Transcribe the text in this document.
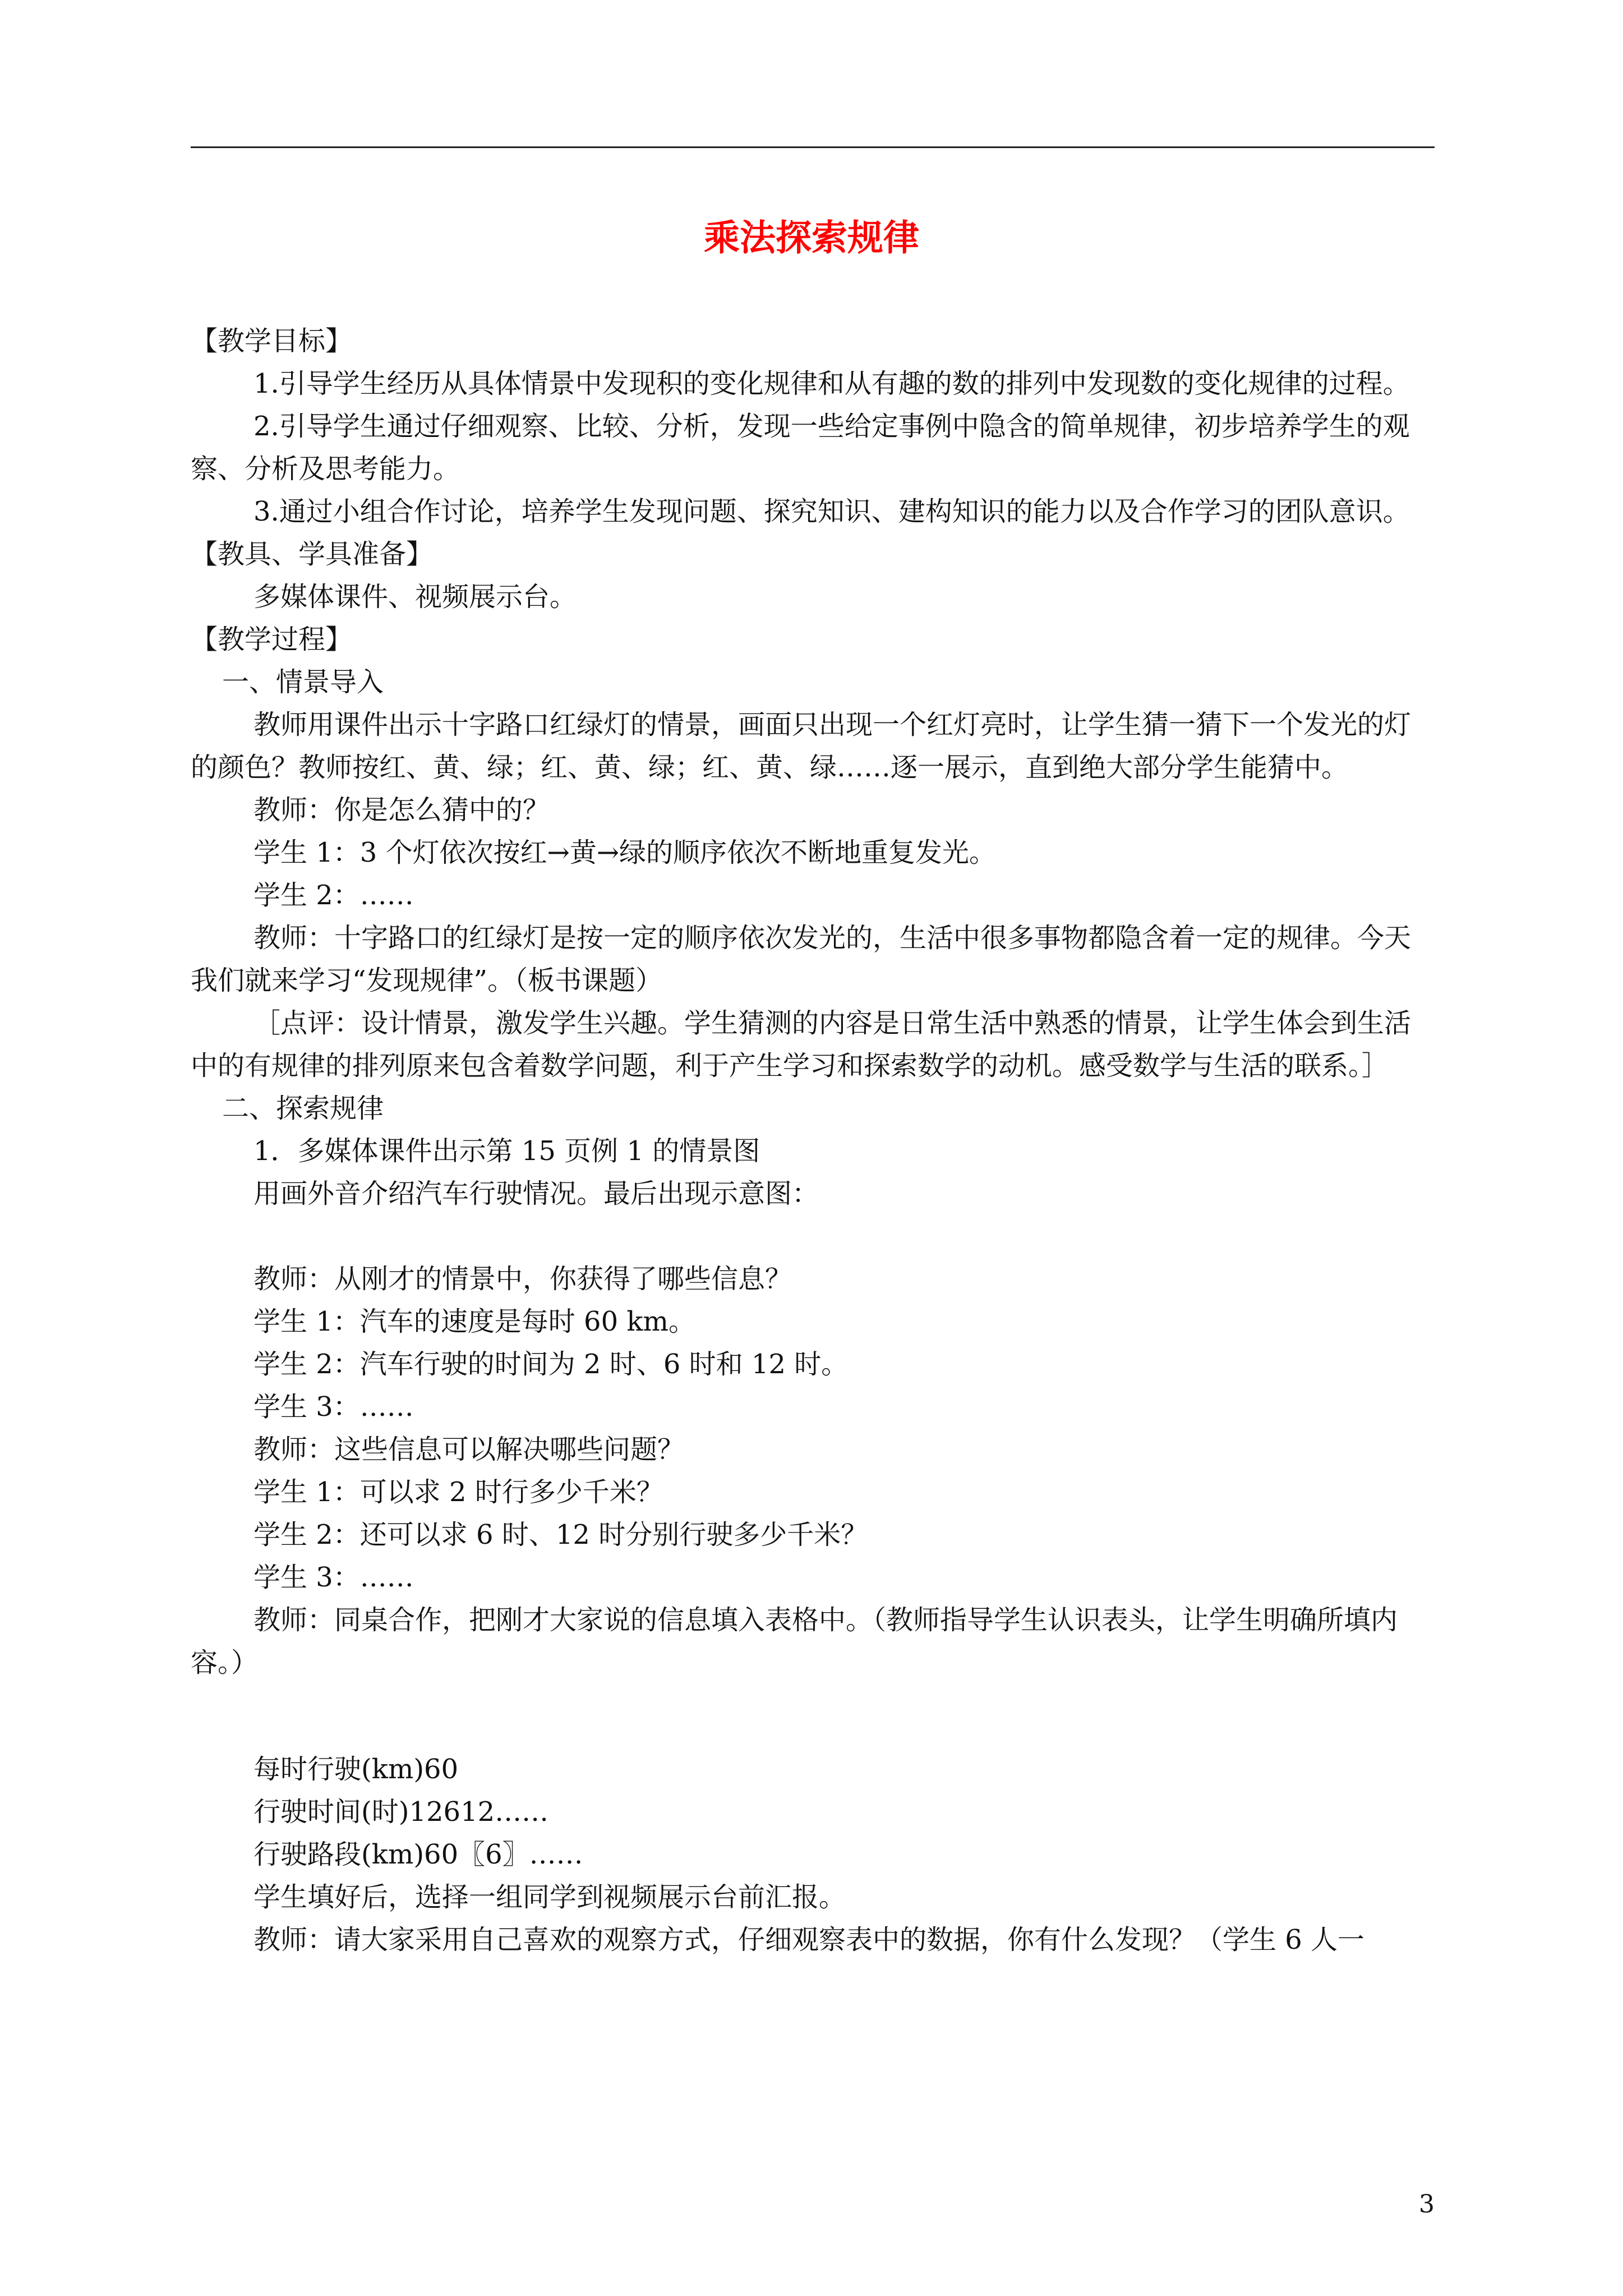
乘法探索规律

【教学目标】

1.引导学生经历从具体情景中发现积的变化规律和从有趣的数的排列中发现数的变化规律的过程。

2.引导学生通过仔细观察、比较、分析，发现一些给定事例中隐含的简单规律，初步培养学生的观察、分析及思考能力。

3.通过小组合作讨论，培养学生发现问题、探究知识、建构知识的能力以及合作学习的团队意识。

【教具、学具准备】

多媒体课件、视频展示台。

【教学过程】

一、情景导入

教师用课件出示十字路口红绿灯的情景，画面只出现一个红灯亮时，让学生猜一猜下一个发光的灯的颜色？教师按红、黄、绿；红、黄、绿；红、黄、绿……逐一展示，直到绝大部分学生能猜中。

教师：你是怎么猜中的？

学生 1：3 个灯依次按红→黄→绿的顺序依次不断地重复发光。

学生 2：……

教师：十字路口的红绿灯是按一定的顺序依次发光的，生活中很多事物都隐含着一定的规律。今天我们就来学习“发现规律”。（板书课题）

［点评：设计情景，激发学生兴趣。学生猜测的内容是日常生活中熟悉的情景，让学生体会到生活中的有规律的排列原来包含着数学问题，利于产生学习和探索数学的动机。感受数学与生活的联系。］

二、探索规律

1．多媒体课件出示第 15 页例 1 的情景图

用画外音介绍汽车行驶情况。最后出现示意图：

教师：从刚才的情景中，你获得了哪些信息？

学生 1：汽车的速度是每时 60 km。

学生 2：汽车行驶的时间为 2 时、6 时和 12 时。

学生 3：……

教师：这些信息可以解决哪些问题？

学生 1：可以求 2 时行多少千米？

学生 2：还可以求 6 时、12 时分别行驶多少千米？

学生 3：……

教师：同桌合作，把刚才大家说的信息填入表格中。（教师指导学生认识表头，让学生明确所填内容。）

每时行驶(km)60

行驶时间(时)12612……

行驶路段(km)60〖6〗……

学生填好后，选择一组同学到视频展示台前汇报。

教师：请大家采用自己喜欢的观察方式，仔细观察表中的数据，你有什么发现？（学生 6 人一

3
